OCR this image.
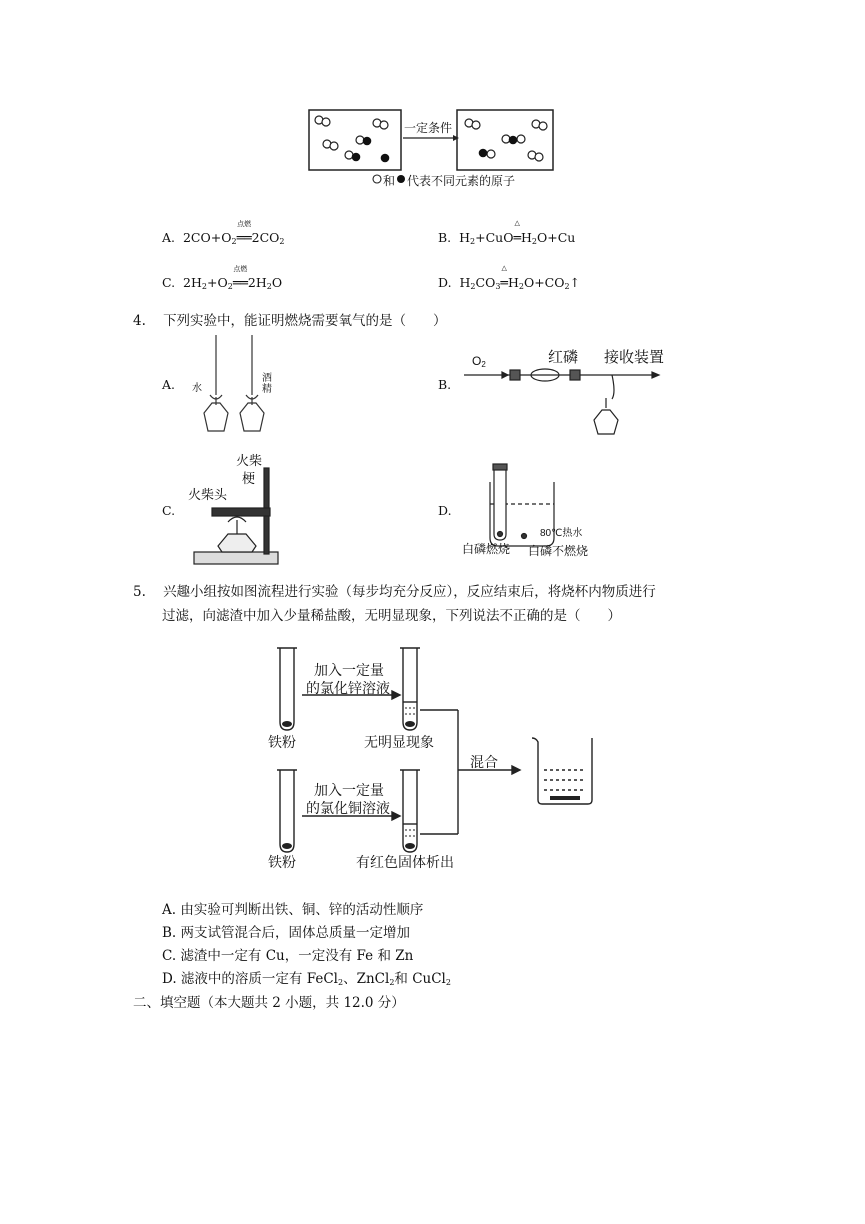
一定条件
和 代表不同元素的原子
A. $2CO+O_2$
点燃
$══2CO_2$	B. $H_2+CuO$
△
$═H_2O+Cu$
C. $2H_2+O_2$
点燃
$══2H_2O$	D. $H_2CO_3$
△
$═H_2O+CO_2↑$
4. 下列实验中，能证明燃烧需要氧气的是（　　）
A. 水
酒精	B.
$O_2$	红磷 接收装置
C.
火柴
梗
火柴头
D.
80℃热水
白磷燃烧 白磷不燃烧
5. 兴趣小组按如图流程进行实验（每步均充分反应），反应结束后，将烧杯内物质进行
过滤，向滤渣中加入少量稀盐酸，无明显现象，下列说法不正确的是（　　）
加入一定量
的氯化锌溶液
铁粉	无明显现象
加入一定量
的氯化铜溶液
铁粉	有红色固体析出
混合
A. 由实验可判断出铁、铜、锌的活动性顺序
B. 两支试管混合后，固体总质量一定增加
C. 滤渣中一定有 Cu，一定没有 Fe 和 Zn
D. 滤液中的溶质一定有 FeCl$_2$、ZnCl$_2$和 CuCl$_2$
二、填空题（本大题共 2 小题，共 12.0 分）
